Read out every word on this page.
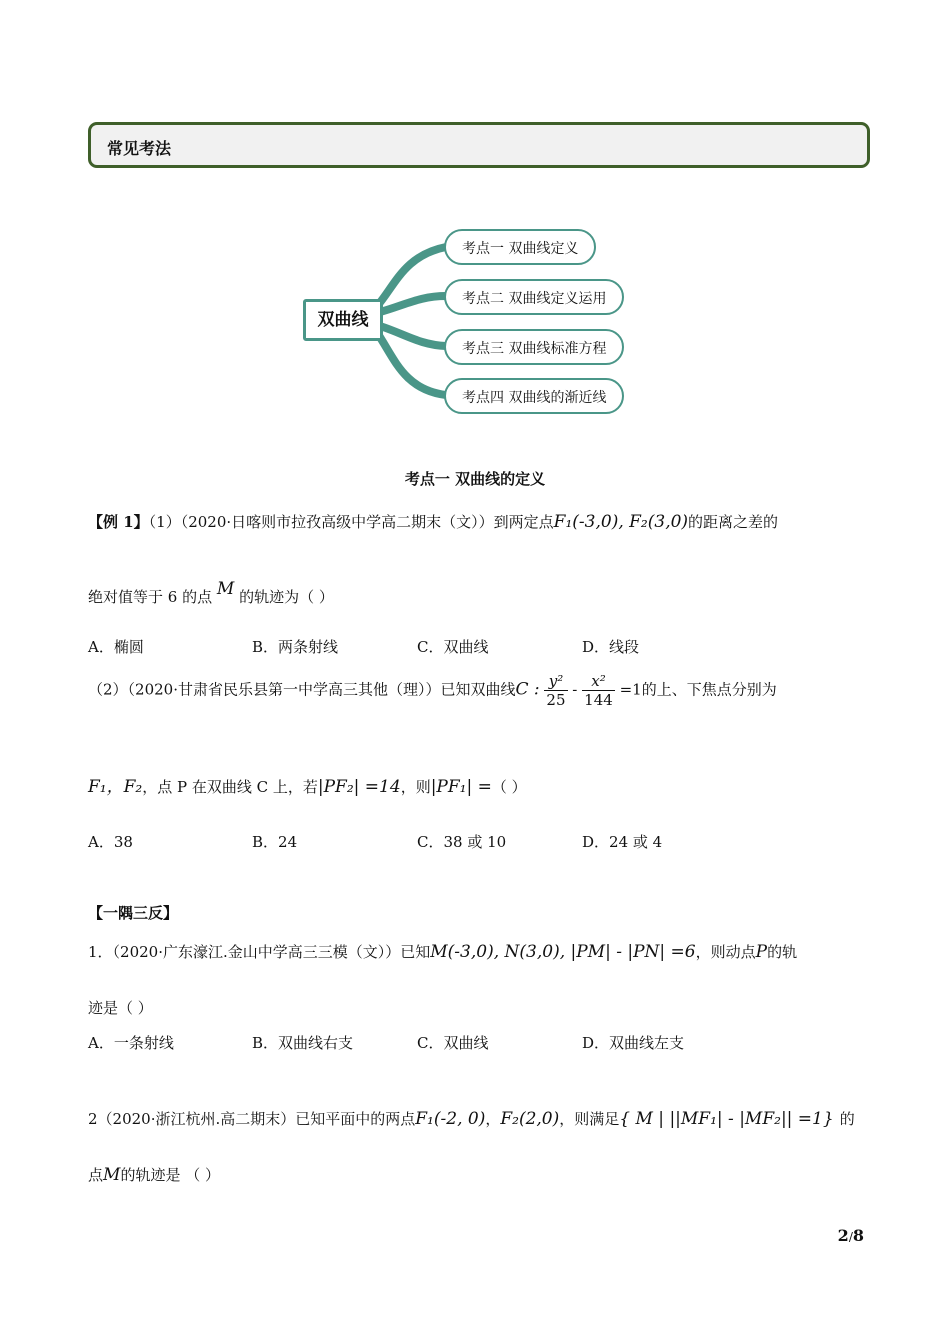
常见考法
双曲线
考点一 双曲线定义
考点二 双曲线定义运用
考点三 双曲线标准方程
考点四 双曲线的渐近线
考点一 双曲线的定义
【例 1】（1）（2020·日喀则市拉孜高级中学高二期末（文））到两定点F₁(-3,0), F₂(3,0)的距离之差的
绝对值等于 6 的点 M 的轨迹为（ ）
A．椭圆	B．两条射线	C．双曲线	D．线段
（2）（2020·甘肃省民乐县第一中学高三其他（理））已知双曲线C : $\frac{\text{y²}}{25} - \frac{\text{x²}}{144} =1$的上、下焦点分别为
F₁，F₂，点 P 在双曲线 C 上，若|PF₂| =14，则|PF₁| =（ ）
A．38	B．24	C．38 或 10	D．24 或 4
【一隅三反】
1．（2020·广东濠江.金山中学高三三模（文））已知M(-3,0), N(3,0), |PM| - |PN| =6，则动点P的轨
迹是（ ）
A．一条射线	B．双曲线右支	C．双曲线	D．双曲线左支
2（2020·浙江杭州.高二期末）已知平面中的两点F₁(-2, 0)，F₂(2,0)，则满足{ M | ||MF₁| - |MF₂|| =1} 的
点M的轨迹是 （ ）
2/8
